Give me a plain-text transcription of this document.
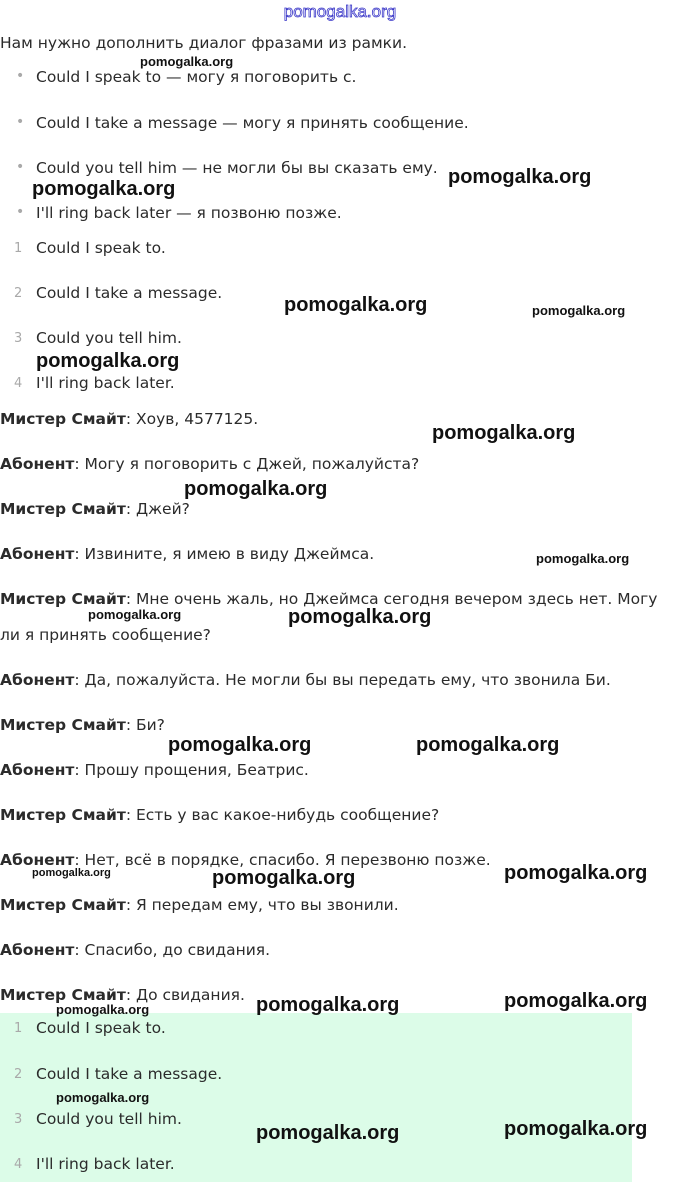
pomogalka.org
Нам нужно дополнить диалог фразами из рамки.
• Could I speak to — могу я поговорить с.
• Could I take a message — могу я принять сообщение.
• Could you tell him — не могли бы вы сказать ему.
• I'll ring back later — я позвоню позже.
1 Could I speak to.
2 Could I take a message.
3 Could you tell him.
4 I'll ring back later.
Мистер Смайт: Хоув, 4577125.
Абонент: Могу я поговорить с Джей, пожалуйста?
Мистер Смайт: Джей?
Абонент: Извините, я имею в виду Джеймса.
Мистер Смайт: Мне очень жаль, но Джеймса сегодня вечером здесь нет. Могу ли я принять сообщение?
Абонент: Да, пожалуйста. Не могли бы вы передать ему, что звонила Би.
Мистер Смайт: Би?
Абонент: Прошу прощения, Беатрис.
Мистер Смайт: Есть у вас какое-нибудь сообщение?
Абонент: Нет, всё в порядке, спасибо. Я перезвоню позже.
Мистер Смайт: Я передам ему, что вы звонили.
Абонент: Спасибо, до свидания.
Мистер Смайт: До свидания.
1 Could I speak to.
2 Could I take a message.
3 Could you tell him.
4 I'll ring back later.
pomogalka.org
pomogalka.org
pomogalka.org
pomogalka.org	pomogalka.org
pomogalka.org
pomogalka.org
pomogalka.org
pomogalka.org
pomogalka.org	pomogalka.org
pomogalka.org	pomogalka.org
pomogalka.org	pomogalka.org	pomogalka.org
pomogalka.org	pomogalka.org
pomogalka.org
pomogalka.org
pomogalka.org	pomogalka.org
